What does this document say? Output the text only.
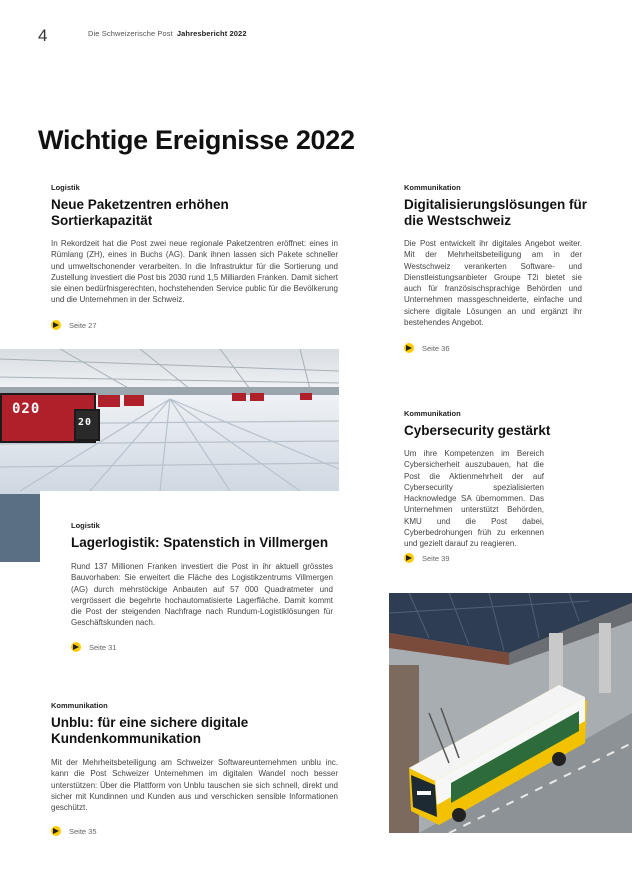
4	Die Schweizerische Post Jahresbericht 2022
Wichtige Ereignisse 2022
Logistik
Neue Paketzentren erhöhen Sortierkapazität
In Rekordzeit hat die Post zwei neue regionale Paketzentren eröffnet: eines in Rümlang (ZH), eines in Buchs (AG). Dank ihnen lassen sich Pakete schneller und umweltschonender verarbeiten. In die Infrastruktur für die Sortierung und Zustellung investiert die Post bis 2030 rund 1,5 Milliarden Franken. Damit sichert sie einen bedürfnisgerechten, hochstehenden Service public für die Bevölkerung und die Unternehmen in der Schweiz.
Seite 27
Kommunikation
Digitalisierungslösungen für die Westschweiz
Die Post entwickelt ihr digitales Angebot weiter. Mit der Mehrheitsbeteiligung am in der Westschweiz verankerten Software- und Dienstleistungsanbieter Groupe T2i bietet sie auch für französischsprachige Behörden und Unternehmen massgeschneiderte, einfache und sichere digitale Lösungen an und ergänzt ihr bestehendes Angebot.
Seite 36
020
20
Kommunikation
Cybersecurity gestärkt
Um ihre Kompetenzen im Bereich Cybersicherheit auszubauen, hat die Post die Aktienmehrheit der auf Cybersecurity spezialisierten Hacknowledge SA übernommen. Das Unternehmen unterstützt Behörden, KMU und die Post dabei, Cyberbedrohungen früh zu erkennen und gezielt darauf zu reagieren.
Seite 39
Logistik
Lagerlogistik: Spatenstich in Villmergen
Rund 137 Millionen Franken investiert die Post in ihr aktuell grösstes Bauvorhaben: Sie erweitert die Fläche des Logistikzentrums Villmergen (AG) durch mehrstöckige Anbauten auf 57 000 Quadratmeter und vergrössert die begehrte hochautomatisierte Lagerfläche. Damit kommt die Post der steigenden Nachfrage nach Rundum-Logistiklösungen für Geschäftskunden nach.
Seite 31
Kommunikation
Unblu: für eine sichere digitale Kundenkommunikation
Mit der Mehrheitsbeteiligung am Schweizer Softwareunternehmen unblu inc. kann die Post Schweizer Unternehmen im digitalen Wandel noch besser unterstützen: Über die Plattform von Unblu tauschen sie sich schnell, direkt und sicher mit Kundinnen und Kunden aus und verschicken sensible Informationen geschützt.
Seite 35
